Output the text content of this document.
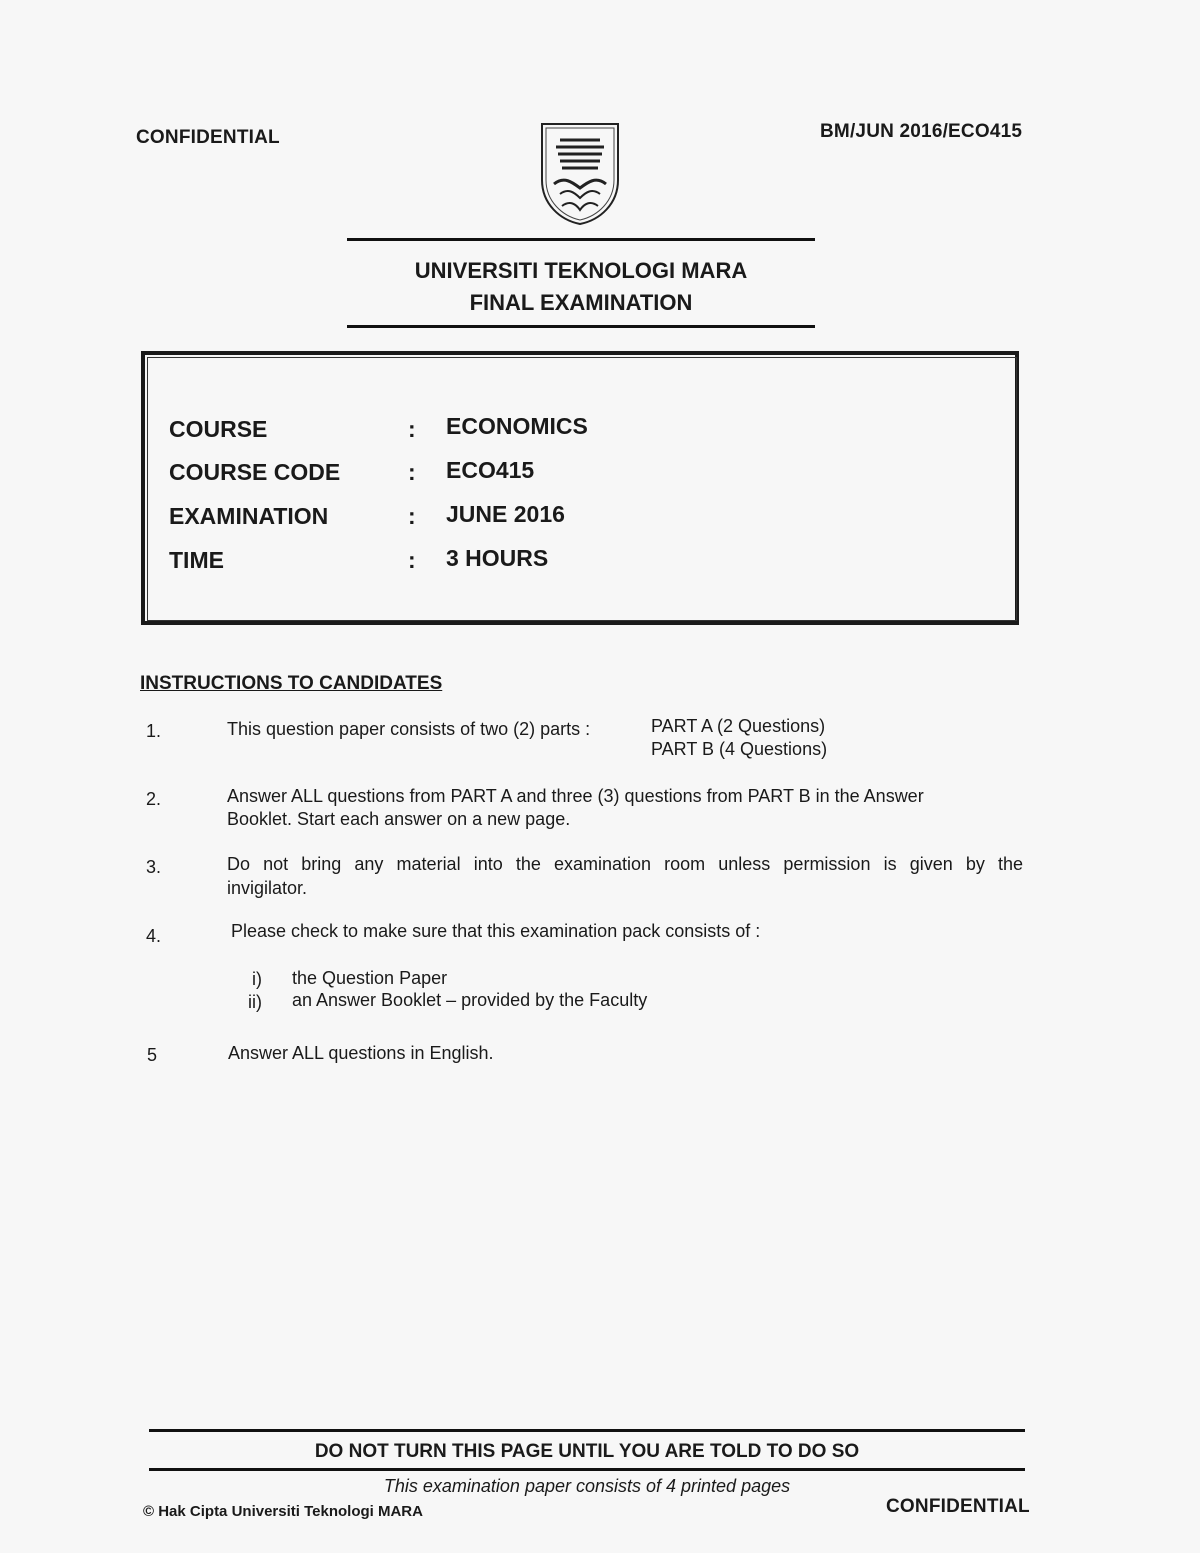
CONFIDENTIAL	BM/JUN 2016/ECO415
UNIVERSITI TEKNOLOGI MARA
FINAL EXAMINATION
COURSE	: ECONOMICS
COURSE CODE	: ECO415
EXAMINATION	: JUNE 2016
TIME	: 3 HOURS
INSTRUCTIONS TO CANDIDATES
1.	This question paper consists of two (2) parts :	PART A (2 Questions)
PART B (4 Questions)
2.	Answer ALL questions from PART A and three (3) questions from PART B in the Answer
Booklet. Start each answer on a new page.
3.	Do not bring any material into the examination room unless permission is given by the
invigilator.
4.	Please check to make sure that this examination pack consists of :
i) the Question Paper
ii) an Answer Booklet – provided by the Faculty
5	Answer ALL questions in English.
DO NOT TURN THIS PAGE UNTIL YOU ARE TOLD TO DO SO
This examination paper consists of 4 printed pages
© Hak Cipta Universiti Teknologi MARA	CONFIDENTIAL
